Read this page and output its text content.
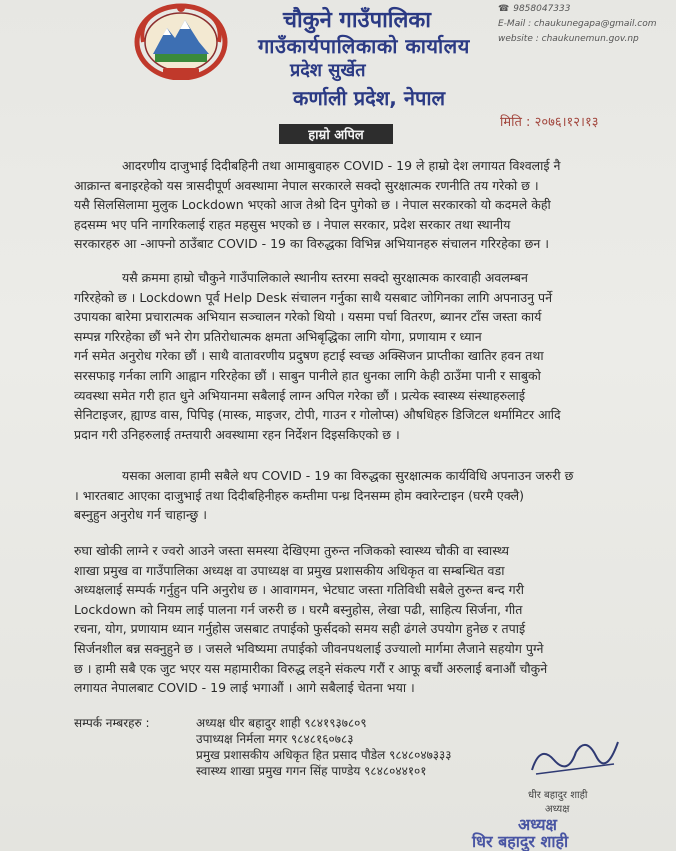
चौकुने गाउँपालिका
गाउँकार्यपालिकाको कार्यालय
प्रदेश सुर्खेत
कर्णाली प्रदेश, नेपाल
☎ 9858047333
E-Mail : chaukunegapa@gmail.com
website : chaukunemun.gov.np
मिति : २०७६।१२।१३
हाम्रो अपिल
आदरणीय दाजुभाई दिदीबहिनी तथा आमाबुवाहरु COVID - 19 ले हाम्रो देश लगायत विश्वलाई नै
आक्रान्त बनाइरहेको यस त्रासदीपूर्ण अवस्थामा नेपाल सरकारले सक्दो सुरक्षात्मक रणनीति तय गरेको छ ।
यसै सिलसिलामा मुलुक Lockdown भएको आज तेश्रो दिन पुगेको छ । नेपाल सरकारको यो कदमले केही
हदसम्म भए पनि नागरिकलाई राहत महसुस भएको छ । नेपाल सरकार, प्रदेश सरकार तथा स्थानीय
सरकारहरु आ -आफ्नो ठाउँबाट COVID - 19 का विरुद्धका विभिन्न अभियानहरु संचालन गरिरहेका छन ।
यसै क्रममा हाम्रो चौकुने गाउँपालिकाले स्थानीय स्तरमा सक्दो सुरक्षात्मक कारवाही अवलम्बन
गरिरहेको छ । Lockdown पूर्व Help Desk संचालन गर्नुका साथै यसबाट जोगिनका लागि अपनाउनु पर्ने
उपायका बारेमा प्रचारात्मक अभियान सञ्चालन गरेको थियो । यसमा पर्चा वितरण, ब्यानर टाँस जस्ता कार्य
सम्पन्न गरिरहेका छौं भने रोग प्रतिरोधात्मक क्षमता अभिबृद्धिका लागि योगा, प्रणायाम र ध्यान
गर्न समेत अनुरोध गरेका छौं । साथै वातावरणीय प्रदुषण हटाई स्वच्छ अक्सिजन प्राप्तीका खातिर हवन तथा
सरसफाइ गर्नका लागि आह्वान गरिरहेका छौं । साबुन पानीले हात धुनका लागि केही ठाउँमा पानी र साबुको
व्यवस्था समेत गरी हात धुने अभियानमा सबैलाई लाग्न अपिल गरेका छौं । प्रत्येक स्वास्थ्य संस्थाहरुलाई
सेनिटाइजर, ह्याण्ड वास, पिपिइ (मास्क, माइजर, टोपी, गाउन र गोलोप्स) औषधिहरु डिजिटल थर्मामिटर आदि
प्रदान गरी उनिहरुलाई तम्तयारी अवस्थामा रहन निर्देशन दिइसकिएको छ ।
यसका अलावा हामी सबैले थप COVID - 19 का विरुद्धका सुरक्षात्मक कार्यविधि अपनाउन जरुरी छ
। भारतबाट आएका दाजुभाई तथा दिदीबहिनीहरु कम्तीमा पन्ध्र दिनसम्म होम क्वारेन्टाइन (घरमै एक्लै)
बस्नुहुन अनुरोध गर्न चाहान्छु ।
रुघा खोकी लाग्ने र ज्वरो आउने जस्ता समस्या देखिएमा तुरुन्त नजिकको स्वास्थ्य चौकी वा स्वास्थ्य
शाखा प्रमुख वा गाउँपालिका अध्यक्ष वा उपाध्यक्ष वा प्रमुख प्रशासकीय अधिकृत वा सम्बन्धित वडा
अध्यक्षलाई सम्पर्क गर्नुहुन पनि अनुरोध छ । आवागमन, भेटघाट जस्ता गतिविधी सबैले तुरुन्त बन्द गरी
Lockdown को नियम लाई पालना गर्न जरुरी छ । घरमै बस्नुहोस, लेखा पढी, साहित्य सिर्जना, गीत
रचना, योग, प्रणायाम ध्यान गर्नुहोस जसबाट तपाईको फुर्सदको समय सही ढंगले उपयोग हुनेछ र तपाई
सिर्जनशील बन्न सक्नुहुने छ । जसले भविष्यमा तपाईको जीवनपथलाई उज्यालो मार्गमा लैजाने सहयोग पुग्ने
छ । हामी सबै एक जुट भएर यस महामारीका विरुद्ध लड्ने संकल्प गरौं र आफू बचौं अरुलाई बनाऔं चौकुने
लगायत नेपालबाट COVID - 19 लाई भगाऔं । आगे सबैलाई चेतना भया ।
सम्पर्क नम्बरहरु :	अध्यक्ष धीर बहादुर शाही ९८४१९३७८०९
उपाध्यक्ष निर्मला मगर ९८४८१६०७८३
प्रमुख प्रशासकीय अधिकृत हित प्रसाद पौडेल ९८४८०४७३३३
स्वास्थ्य शाखा प्रमुख गगन सिंह पाण्डेय ९८४८०४४१०१
धीर बहादुर शाही
अध्यक्ष
अध्यक्ष
धिर बहादुर शाही
